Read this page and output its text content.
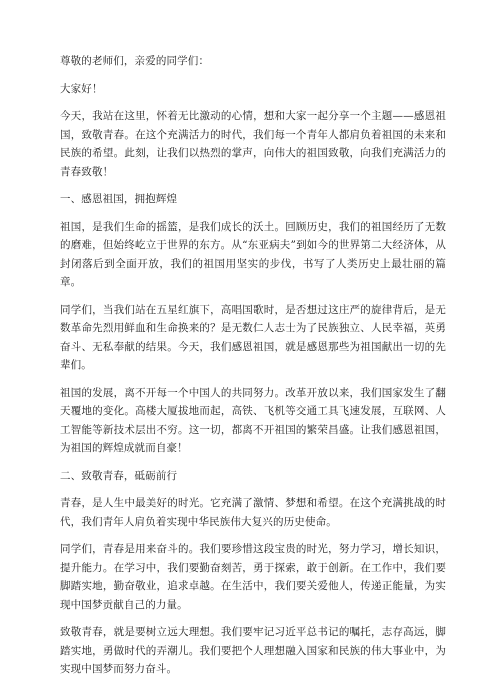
尊敬的老师们，亲爱的同学们：

大家好！

今天，我站在这里，怀着无比激动的心情，想和大家一起分享一个主题——感恩祖国，致敬青春。在这个充满活力的时代，我们每一个青年人都肩负着祖国的未来和民族的希望。此刻，让我们以热烈的掌声，向伟大的祖国致敬，向我们充满活力的青春致敬！

一、感恩祖国，拥抱辉煌

祖国，是我们生命的摇篮，是我们成长的沃土。回顾历史，我们的祖国经历了无数的磨难，但始终屹立于世界的东方。从“东亚病夫”到如今的世界第二大经济体，从封闭落后到全面开放，我们的祖国用坚实的步伐，书写了人类历史上最壮丽的篇章。

同学们，当我们站在五星红旗下，高唱国歌时，是否想过这庄严的旋律背后，是无数革命先烈用鲜血和生命换来的？是无数仁人志士为了民族独立、人民幸福，英勇奋斗、无私奉献的结果。今天，我们感恩祖国，就是感恩那些为祖国献出一切的先辈们。

祖国的发展，离不开每一个中国人的共同努力。改革开放以来，我们国家发生了翻天覆地的变化。高楼大厦拔地而起，高铁、飞机等交通工具飞速发展，互联网、人工智能等新技术层出不穷。这一切，都离不开祖国的繁荣昌盛。让我们感恩祖国，为祖国的辉煌成就而自豪！

二、致敬青春，砥砺前行

青春，是人生中最美好的时光。它充满了激情、梦想和希望。在这个充满挑战的时代，我们青年人肩负着实现中华民族伟大复兴的历史使命。

同学们，青春是用来奋斗的。我们要珍惜这段宝贵的时光，努力学习，增长知识，提升能力。在学习中，我们要勤奋刻苦，勇于探索，敢于创新。在工作中，我们要脚踏实地，勤奋敬业，追求卓越。在生活中，我们要关爱他人，传递正能量，为实现中国梦贡献自己的力量。

致敬青春，就是要树立远大理想。我们要牢记习近平总书记的嘱托，志存高远，脚踏实地，勇做时代的弄潮儿。我们要把个人理想融入国家和民族的伟大事业中，为实现中国梦而努力奋斗。
